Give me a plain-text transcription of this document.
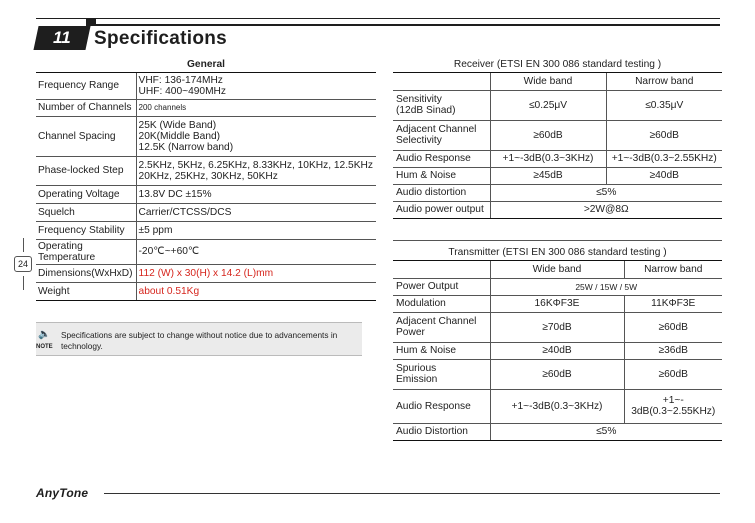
11	Specifications
General	
Frequency Range	VHF: 136-174MHz
UHF: 400~490MHz

Number of Channels	200 channels
Channel Spacing	25K (Wide Band)
20K(Middle Band)
12.5K (Narrow band)

Phase-locked Step	2.5KHz, 5KHz, 6.25KHz, 8.33KHz, 10KHz, 12.5KHz
20KHz, 25KHz, 30KHz, 50KHz

Operating Voltage	13.8V DC ±15%
Squelch	Carrier/CTCSS/DCS
Frequency Stability	±5 ppm
Operating Temperature	-20℃~+60℃
Dimensions(WxHxD)	112 (W) x 30(H) x 14.2 (L)mm
Weight	about 0.51Kg
Receiver (ETSI EN 300 086 standard testing )		
	Wide band	Narrow band

Sensitivity
(12dB Sinad)	≤0.25μV	≤0.35μV

Adjacent Channel
Selectivity	≥60dB	≥60dB
Audio Response	+1~-3dB(0.3~3KHz)	+1~-3dB(0.3~2.55KHz)
Hum & Noise	≥45dB	≥40dB
Audio distortion	≤5%	
Audio power output	>2W@8Ω	
Transmitter (ETSI EN 300 086 standard testing )		
	Wide band	Narrow band
Power Output	25W / 15W / 5W	
Modulation	16KΦF3E	11KΦF3E

Adjacent Channel
Power	≥70dB	≥60dB
Hum & Noise	≥40dB	≥36dB

Spurious
Emission	≥60dB	≥60dB
Audio Response	+1~-3dB(0.3~3KHz)	+1~-
3dB(0.3~2.55KHz)

Audio Distortion	≤5%	
24
🔈
NOTE
Specifications are subject to change without notice due to advancements in technology.
AnyTone
